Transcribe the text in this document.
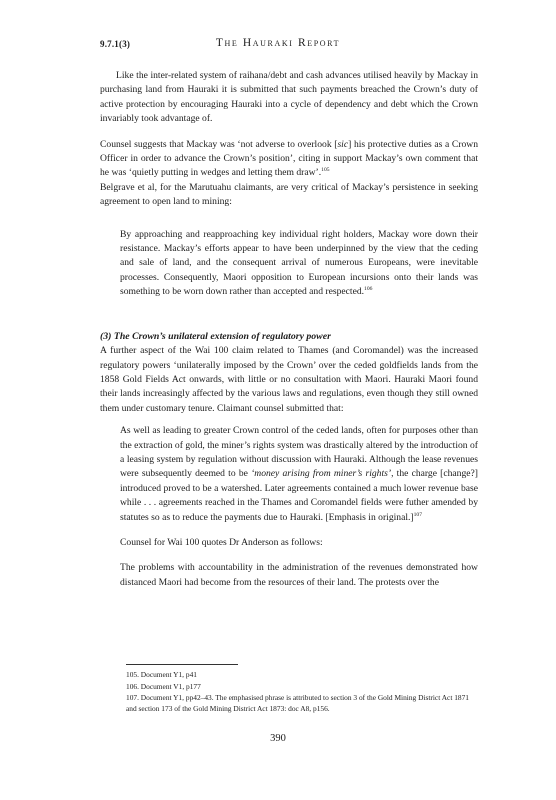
9.7.1(3)	The Hauraki Report

Like the inter-related system of raihana/debt and cash advances utilised heavily by Mackay in purchasing land from Hauraki it is submitted that such payments breached the Crown’s duty of active protection by encouraging Hauraki into a cycle of dependency and debt which the Crown invariably took advantage of.

Counsel suggests that Mackay was ‘not adverse to overlook [sic] his protective duties as a Crown Officer in order to advance the Crown’s position’, citing in support Mackay’s own comment that he was ‘quietly putting in wedges and letting them draw’.$^{105}$

Belgrave et al, for the Marutuahu claimants, are very critical of Mackay’s persistence in seeking agreement to open land to mining:

By approaching and reapproaching key individual right holders, Mackay wore down their resistance. Mackay’s efforts appear to have been underpinned by the view that the ceding and sale of land, and the consequent arrival of numerous Europeans, were inevitable processes. Consequently, Maori opposition to European incursions onto their lands was something to be worn down rather than accepted and respected.$^{106}$

(3) The Crown’s unilateral extension of regulatory power

A further aspect of the Wai 100 claim related to Thames (and Coromandel) was the increased regulatory powers ‘unilaterally imposed by the Crown’ over the ceded goldfields lands from the 1858 Gold Fields Act onwards, with little or no consultation with Maori. Hauraki Maori found their lands increasingly affected by the various laws and regulations, even though they still owned them under customary tenure. Claimant counsel submitted that:

As well as leading to greater Crown control of the ceded lands, often for purposes other than the extraction of gold, the miner’s rights system was drastically altered by the introduction of a leasing system by regulation without discussion with Hauraki. Although the lease revenues were subsequently deemed to be ‘money arising from miner’s rights’, the charge [change?] introduced proved to be a watershed. Later agreements contained a much lower revenue base while . . . agreements reached in the Thames and Coromandel fields were futher amended by statutes so as to reduce the payments due to Hauraki. [Emphasis in original.]$^{107}$

Counsel for Wai 100 quotes Dr Anderson as follows:

The problems with accountability in the administration of the revenues demonstrated how distanced Maori had become from the resources of their land. The protests over the

105. Document Y1, p41

106. Document V1, p177

107. Document Y1, pp42–43. The emphasised phrase is attributed to section 3 of the Gold Mining District Act 1871 and section 173 of the Gold Mining District Act 1873: doc A8, p156.

390
